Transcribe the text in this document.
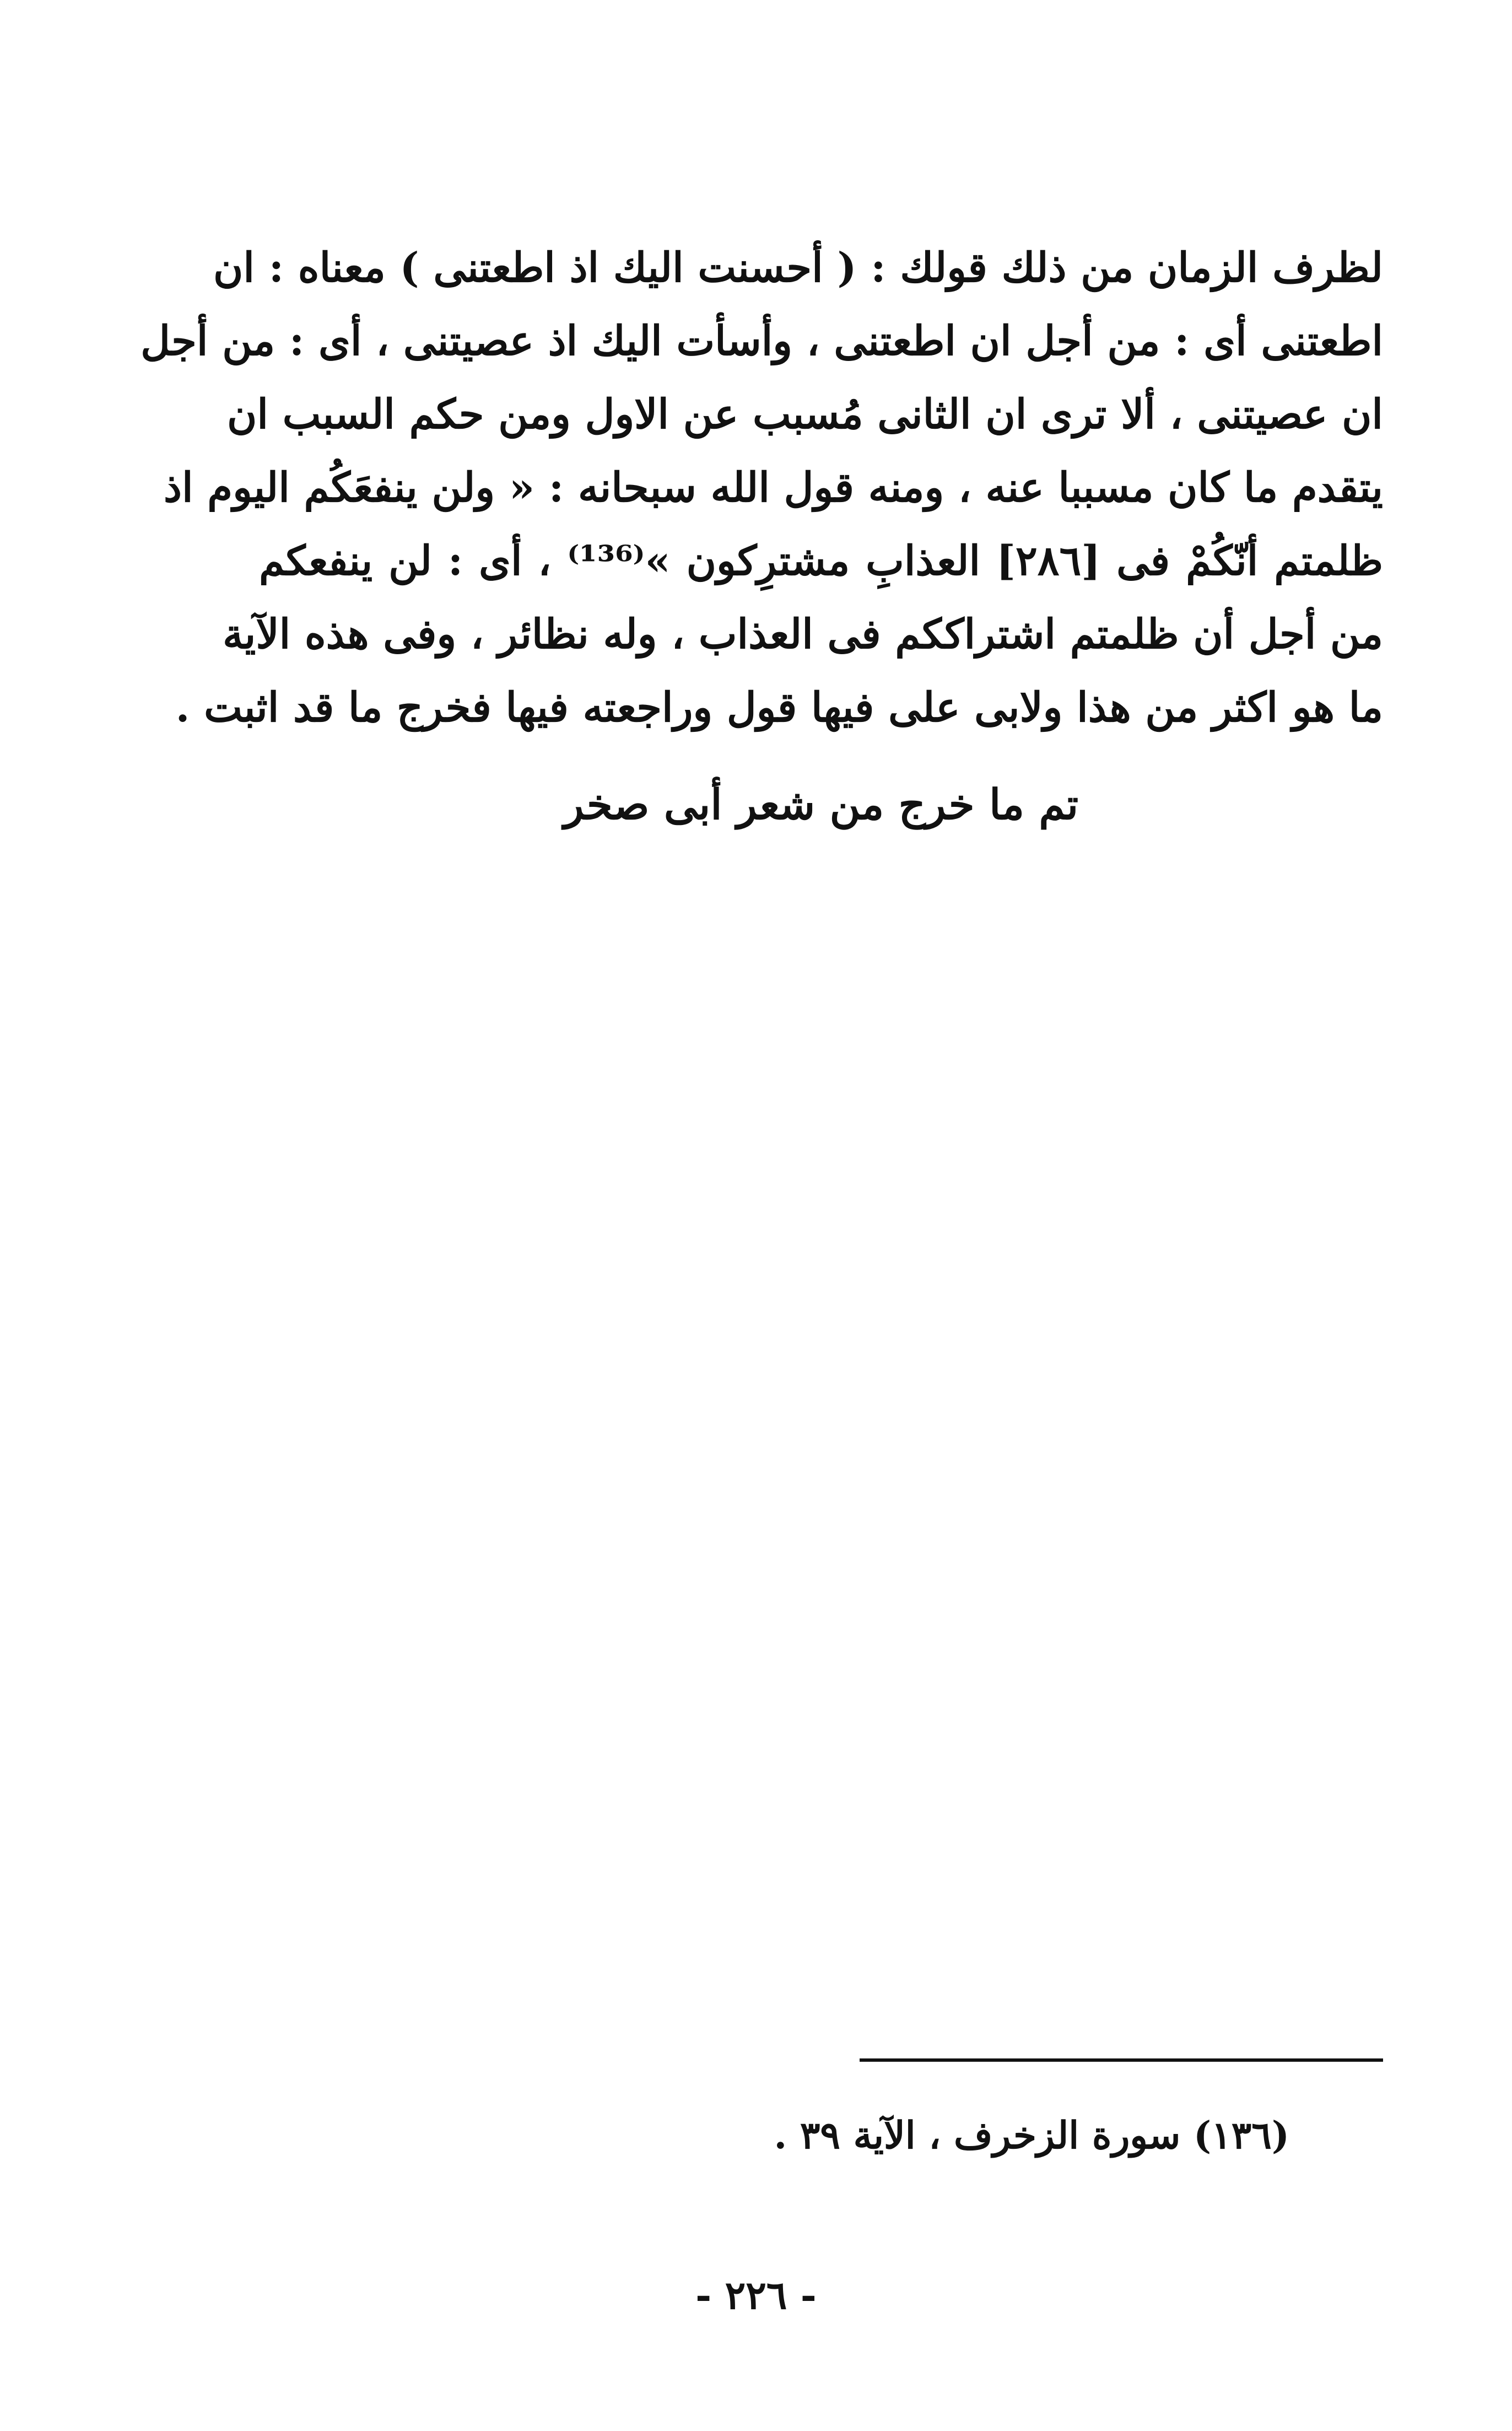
لظرف الزمان من ذلك قولك : ( أحسنت اليك اذ اطعتنى ) معناه : ان
اطعتنى أى : من أجل ان اطعتنى ، وأسأت اليك اذ عصيتنى ، أى : من أجل
ان عصيتنى ، ألا ترى ان الثانى مُسبب عن الاول ومن حكم السبب ان
يتقدم ما كان مسببا عنه ، ومنه قول الله سبحانه : « ولن ينفعَكُم اليوم اذ
ظلمتم أنّكُمْ فى [٢٨٦] العذابِ مشترِكون »⁽¹³⁶⁾ ، أى : لن ينفعكم
من أجل أن ظلمتم اشتراككم فى العذاب ، وله نظائر ، وفى هذه الآية
ما هو اكثر من هذا ولابى على فيها قول وراجعته فيها فخرج ما قد اثبت .
تم ما خرج من شعر أبى صخر
(١٣٦) سورة الزخرف ، الآية ٣٩ .
- ٢٢٦ -
